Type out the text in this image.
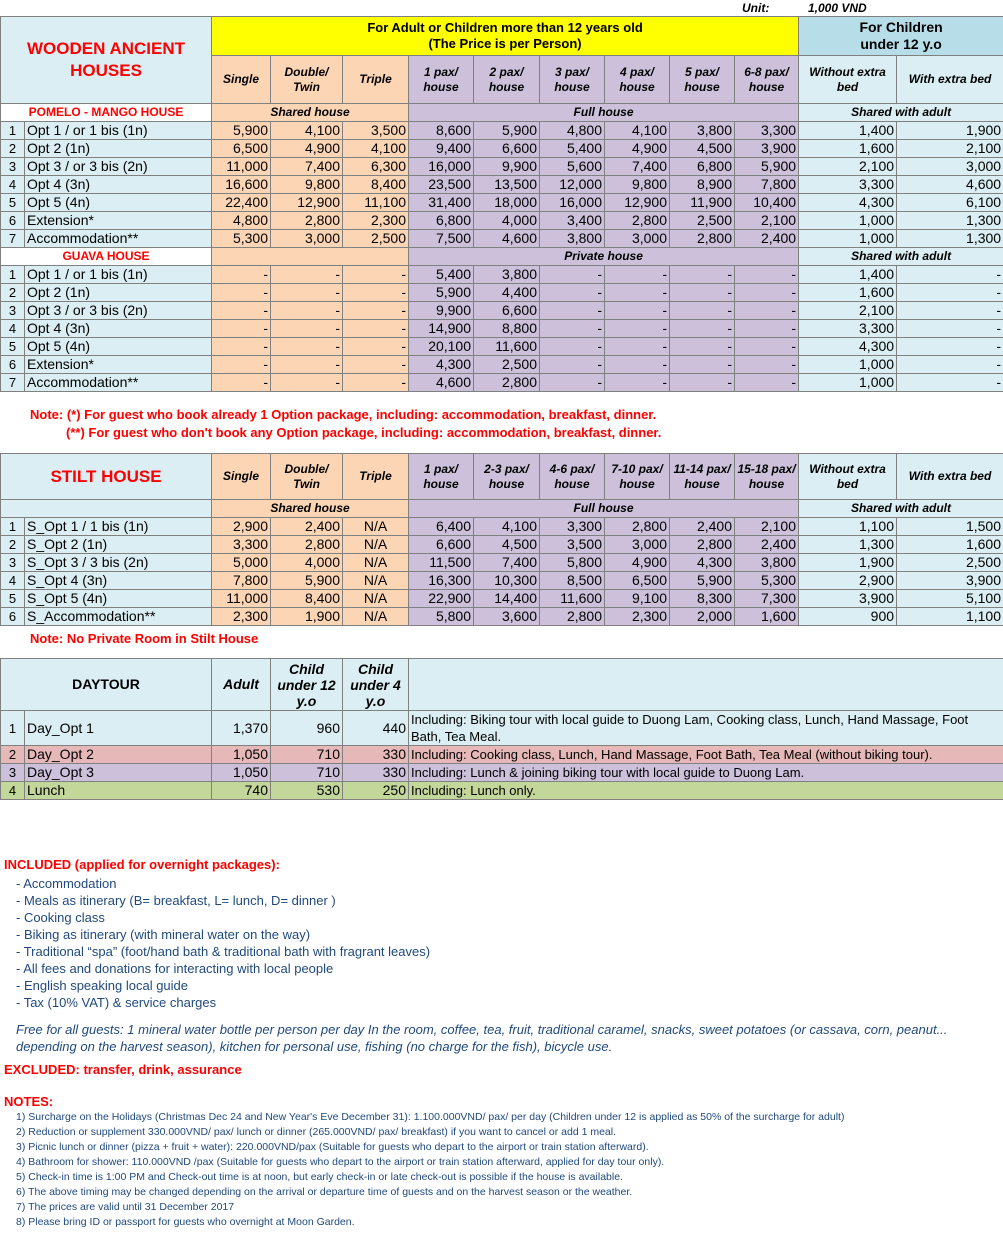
Unit:	1,000 VND
WOODEN ANCIENT HOUSES		For Adult or Children more than 12 years old
(The Price is per Person)									For Children
under 12 y.o	
		Single	Double/ Twin	Triple	1 pax/ house	2 pax/ house	3 pax/ house	4 pax/ house	5 pax/ house	6-8 pax/ house	Without extra bed	With extra bed
POMELO - MANGO HOUSE		Shared house			Full house						Shared with adult	
1	Opt 1 / or 1 bis (1n)	5,900	4,100	3,500	8,600	5,900	4,800	4,100	3,800	3,300	1,400	1,900
2	Opt 2 (1n)	6,500	4,900	4,100	9,400	6,600	5,400	4,900	4,500	3,900	1,600	2,100
3	Opt 3 / or 3 bis (2n)	11,000	7,400	6,300	16,000	9,900	5,600	7,400	6,800	5,900	2,100	3,000
4	Opt 4 (3n)	16,600	9,800	8,400	23,500	13,500	12,000	9,800	8,900	7,800	3,300	4,600
5	Opt 5 (4n)	22,400	12,900	11,100	31,400	18,000	16,000	12,900	11,900	10,400	4,300	6,100
6	Extension*	4,800	2,800	2,300	6,800	4,000	3,400	2,800	2,500	2,100	1,000	1,300
7	Accommodation**	5,300	3,000	2,500	7,500	4,600	3,800	3,000	2,800	2,400	1,000	1,300
GUAVA HOUSE					Private house						Shared with adult	
1	Opt 1 / or 1 bis (1n)	-	-	-	5,400	3,800	-	-	-	-	1,400	-
2	Opt 2 (1n)	-	-	-	5,900	4,400	-	-	-	-	1,600	-
3	Opt 3 / or 3 bis (2n)	-	-	-	9,900	6,600	-	-	-	-	2,100	-
4	Opt 4 (3n)	-	-	-	14,900	8,800	-	-	-	-	3,300	-
5	Opt 5 (4n)	-	-	-	20,100	11,600	-	-	-	-	4,300	-
6	Extension*	-	-	-	4,300	2,500	-	-	-	-	1,000	-
7	Accommodation**	-	-	-	4,600	2,800	-	-	-	-	1,000	-
Note: (*) For guest who book already 1 Option package, including: accommodation, breakfast, dinner.
(**) For guest who don't book any Option package, including: accommodation, breakfast, dinner.
STILT HOUSE		Single	Double/ Twin	Triple	1 pax/ house	2-3 pax/ house	4-6 pax/ house	7-10 pax/ house	11-14 pax/ house	15-18 pax/ house	Without extra bed	With extra bed
		Shared house			Full house						Shared with adult	
1	S_Opt 1 / 1 bis (1n)	2,900	2,400	N/A	6,400	4,100	3,300	2,800	2,400	2,100	1,100	1,500
2	S_Opt 2 (1n)	3,300	2,800	N/A	6,600	4,500	3,500	3,000	2,800	2,400	1,300	1,600
3	S_Opt 3 / 3 bis (2n)	5,000	4,000	N/A	11,500	7,400	5,800	4,900	4,300	3,800	1,900	2,500
4	S_Opt 4 (3n)	7,800	5,900	N/A	16,300	10,300	8,500	6,500	5,900	5,300	2,900	3,900
5	S_Opt 5 (4n)	11,000	8,400	N/A	22,900	14,400	11,600	9,100	8,300	7,300	3,900	5,100
6	S_Accommodation**	2,300	1,900	N/A	5,800	3,600	2,800	2,300	2,000	1,600	900	1,100
Note: No Private Room in Stilt House
DAYTOUR		Adult	Child under 12 y.o	Child under 4 y.o	
1	Day_Opt 1	1,370	960	440	Including: Biking tour with local guide to Duong Lam, Cooking class, Lunch, Hand Massage, Foot Bath, Tea Meal.
2	Day_Opt 2	1,050	710	330	Including: Cooking class, Lunch, Hand Massage, Foot Bath, Tea Meal (without biking tour).
3	Day_Opt 3	1,050	710	330	Including: Lunch & joining biking tour with local guide to Duong Lam.
4	Lunch	740	530	250	Including: Lunch only.
INCLUDED (applied for overnight packages):
- Accommodation
- Meals as itinerary (B= breakfast, L= lunch, D= dinner )
- Cooking class
- Biking as itinerary (with mineral water on the way)
- Traditional “spa” (foot/hand bath & traditional bath with fragrant leaves)
- All fees and donations for interacting with local people
- English speaking local guide
- Tax (10% VAT) & service charges
Free for all guests: 1 mineral water bottle per person per day In the room, coffee, tea, fruit, traditional caramel, snacks, sweet potatoes (or cassava, corn, peanut... depending on the harvest season), kitchen for personal use, fishing (no charge for the fish), bicycle use.
EXCLUDED: transfer, drink, assurance
NOTES:
1) Surcharge on the Holidays (Christmas Dec 24 and New Year's Eve December 31): 1.100.000VND/ pax/ per day (Children under 12 is applied as 50% of the surcharge for adult)
2) Reduction or supplement 330.000VND/ pax/ lunch or dinner (265.000VND/ pax/ breakfast) if you want to cancel or add 1 meal.
3) Picnic lunch or dinner (pizza + fruit + water): 220.000VND/pax (Suitable for guests who depart to the airport or train station afterward).
4) Bathroom for shower: 110.000VND /pax (Suitable for guests who depart to the airport or train station afterward, applied for day tour only).
5) Check-in time is 1:00 PM and Check-out time is at noon, but early check-in or late check-out is possible if the house is available.
6) The above timing may be changed depending on the arrival or departure time of guests and on the harvest season or the weather.
7) The prices are valid until 31 December 2017
8) Please bring ID or passport for guests who overnight at Moon Garden.
